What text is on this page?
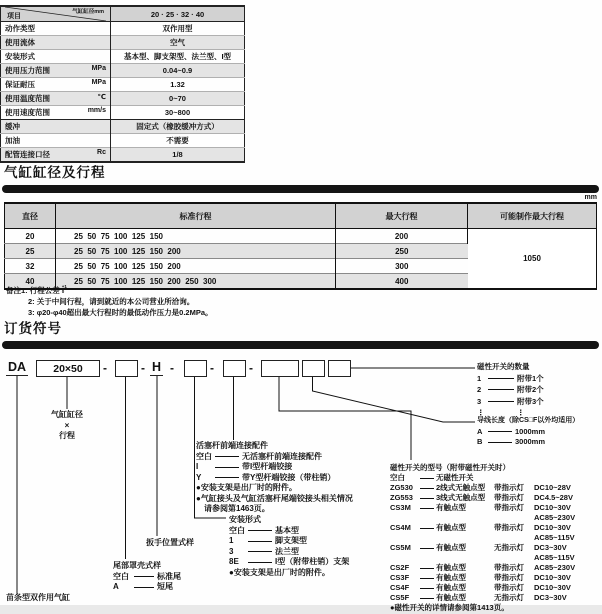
项目
气缸缸径mm	20 · 25 · 32 · 40
动作类型	双作用型
使用流体	空气
安装形式	基本型、脚支架型、法兰型、I型
使用压力范围 MPa	0.04~0.9
保证耐压 MPa	1.32
使用温度范围 ℃	0~70
使用速度范围 mm/s	30~800
缓冲	固定式（橡胶缓冲方式）
加油	不需要
配管连接口径 Rc	1/8
气缸缸径及行程
mm
直径	标准行程	最大行程	可能制作最大行程
20	25  50  75  100  125  150	200	1050
25	25  50  75  100  125  150  200	250	
32	25  50  75  100  125  150  200	300	
40	25  50  75  100  125  150  200  250  300	400	
备注1: 行程公差 +1
0
2: 关于中间行程，请到就近的本公司营业所洽询。
3: φ20-φ40超出最大行程时的最低动作压力是0.2MPa。
订货符号
DA	20×50	-	- H -	-	-
气缸缸径
×
行程
活塞杆前端连接配件
空白	无活塞杆前端连接配件
I	带I型杆端铰接
Y	带Y型杆端铰接（带柱销）
●安装支架是出厂时的附件。
●气缸接头及气缸活塞杆尾端铰接头相关情况
　请参阅第1463页。
安装形式
空白	基本型
1	脚支架型
3	法兰型
8E	I型（附带柱销）支架
●安装支架是出厂时的附件。
扳手位置式样
尾部罩壳式样
空白	标准尾
A	短尾
苗条型双作用气缸
磁性开关的数量
1	附带1个
2	附带2个
3	附带3个
⋮	⋮
导线长度（除CS□F以外均适用）
A	1000mm
B	3000mm
磁性开关的型号（附带磁性开关时）
空白	无磁性开关
ZG530	2线式无触点型	带指示灯	DC10~28V
ZG553	3线式无触点型	带指示灯	DC4.5~28V
CS3M	有触点型	带指示灯	DC10~30V
AC85~230V
CS4M	有触点型	带指示灯	DC10~30V
AC85~115V
CS5M	有触点型	无指示灯	DC3~30V
AC85~115V
CS2F	有触点型	带指示灯	AC85~230V
CS3F	有触点型	带指示灯	DC10~30V
CS4F	有触点型	带指示灯	DC10~30V
CS5F	有触点型	无指示灯	DC3~30V
●磁性开关的详情请参阅第1413页。
